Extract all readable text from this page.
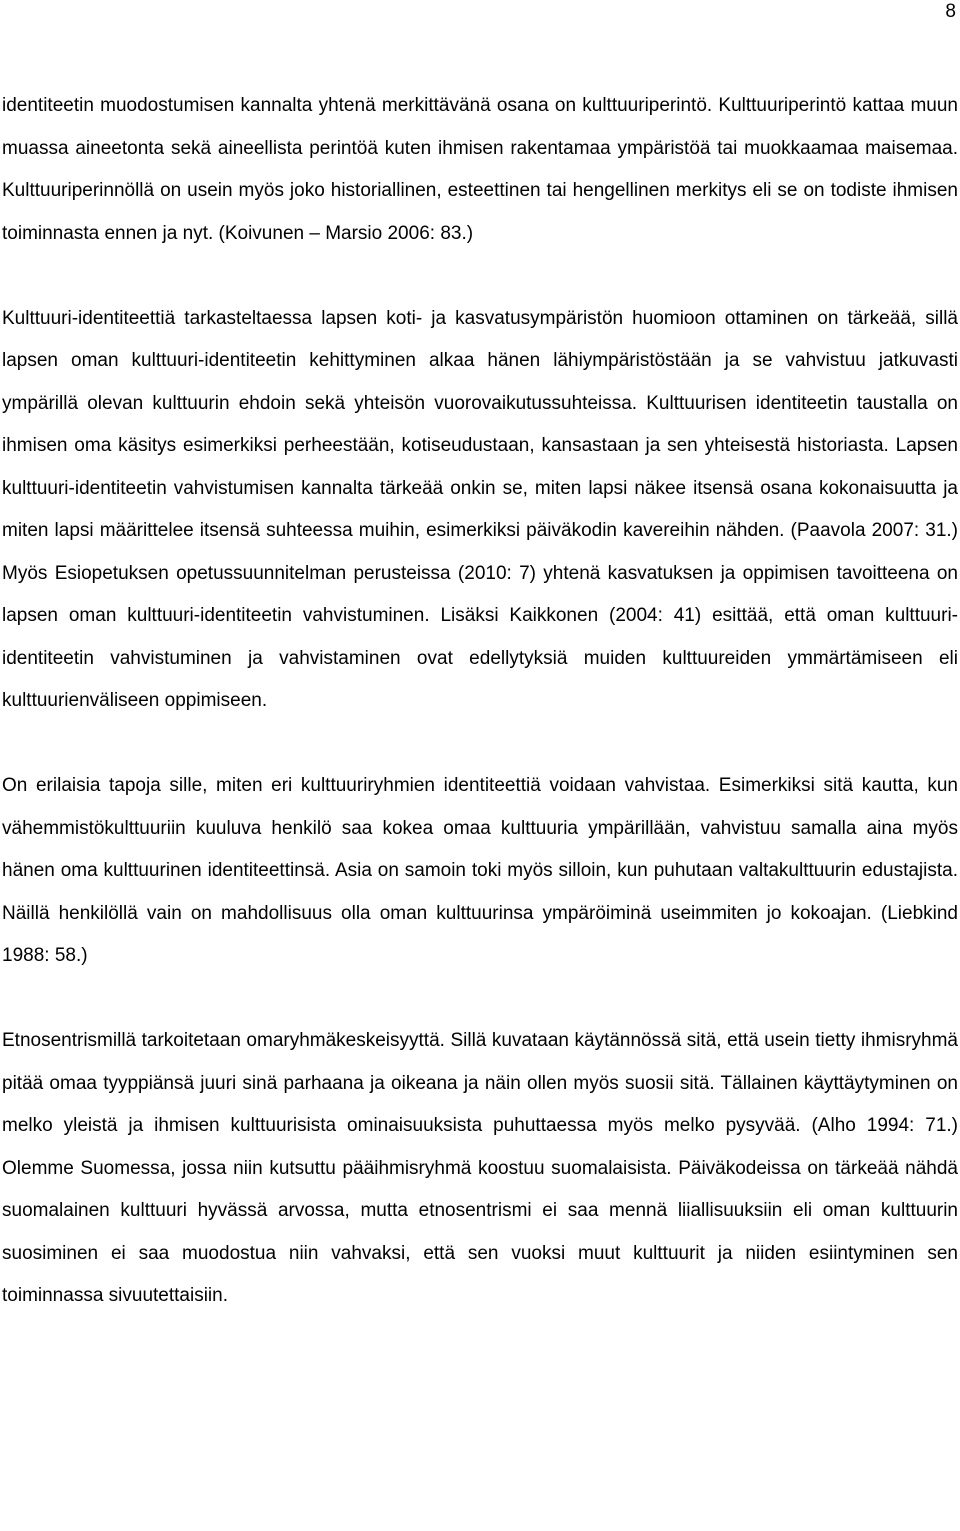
8

identiteetin muodostumisen kannalta yhtenä merkittävänä osana on kulttuuriperintö. Kulttuuriperintö kattaa muun muassa aineetonta sekä aineellista perintöä kuten ihmisen rakentamaa ympäristöä tai muokkaamaa maisemaa. Kulttuuriperinnöllä on usein myös joko historiallinen, esteettinen tai hengellinen merkitys eli se on todiste ihmisen toiminnasta ennen ja nyt. (Koivunen – Marsio 2006: 83.)

Kulttuuri-identiteettiä tarkasteltaessa lapsen koti- ja kasvatusympäristön huomioon ottaminen on tärkeää, sillä lapsen oman kulttuuri-identiteetin kehittyminen alkaa hänen lähiympäristöstään ja se vahvistuu jatkuvasti ympärillä olevan kulttuurin ehdoin sekä yhteisön vuorovaikutussuhteissa. Kulttuurisen identiteetin taustalla on ihmisen oma käsitys esimerkiksi perheestään, kotiseudustaan, kansastaan ja sen yhteisestä historiasta. Lapsen kulttuuri-identiteetin vahvistumisen kannalta tärkeää onkin se, miten lapsi näkee itsensä osana kokonaisuutta ja miten lapsi määrittelee itsensä suhteessa muihin, esimerkiksi päiväkodin kavereihin nähden. (Paavola 2007: 31.) Myös Esiopetuksen opetussuunnitelman perusteissa (2010: 7) yhtenä kasvatuksen ja oppimisen tavoitteena on lapsen oman kulttuuri-identiteetin vahvistuminen. Lisäksi Kaikkonen (2004: 41) esittää, että oman kulttuuri-identiteetin vahvistuminen ja vahvistaminen ovat edellytyksiä muiden kulttuureiden ymmärtämiseen eli kulttuurienväliseen oppimiseen.

On erilaisia tapoja sille, miten eri kulttuuriryhmien identiteettiä voidaan vahvistaa. Esimerkiksi sitä kautta, kun vähemmistökulttuuriin kuuluva henkilö saa kokea omaa kulttuuria ympärillään, vahvistuu samalla aina myös hänen oma kulttuurinen identiteettinsä. Asia on samoin toki myös silloin, kun puhutaan valtakulttuurin edustajista. Näillä henkilöllä vain on mahdollisuus olla oman kulttuurinsa ympäröiminä useimmiten jo kokoajan. (Liebkind 1988: 58.)

Etnosentrismillä tarkoitetaan omaryhmäkeskeisyyttä. Sillä kuvataan käytännössä sitä, että usein tietty ihmisryhmä pitää omaa tyyppiänsä juuri sinä parhaana ja oikeana ja näin ollen myös suosii sitä. Tällainen käyttäytyminen on melko yleistä ja ihmisen kulttuurisista ominaisuuksista puhuttaessa myös melko pysyvää. (Alho 1994: 71.) Olemme Suomessa, jossa niin kutsuttu pääihmisryhmä koostuu suomalaisista. Päiväkodeissa on tärkeää nähdä suomalainen kulttuuri hyvässä arvossa, mutta etnosentrismi ei saa mennä liiallisuuksiin eli oman kulttuurin suosiminen ei saa muodostua niin vahvaksi, että sen vuoksi muut kulttuurit ja niiden esiintyminen sen toiminnassa sivuutettaisiin.
